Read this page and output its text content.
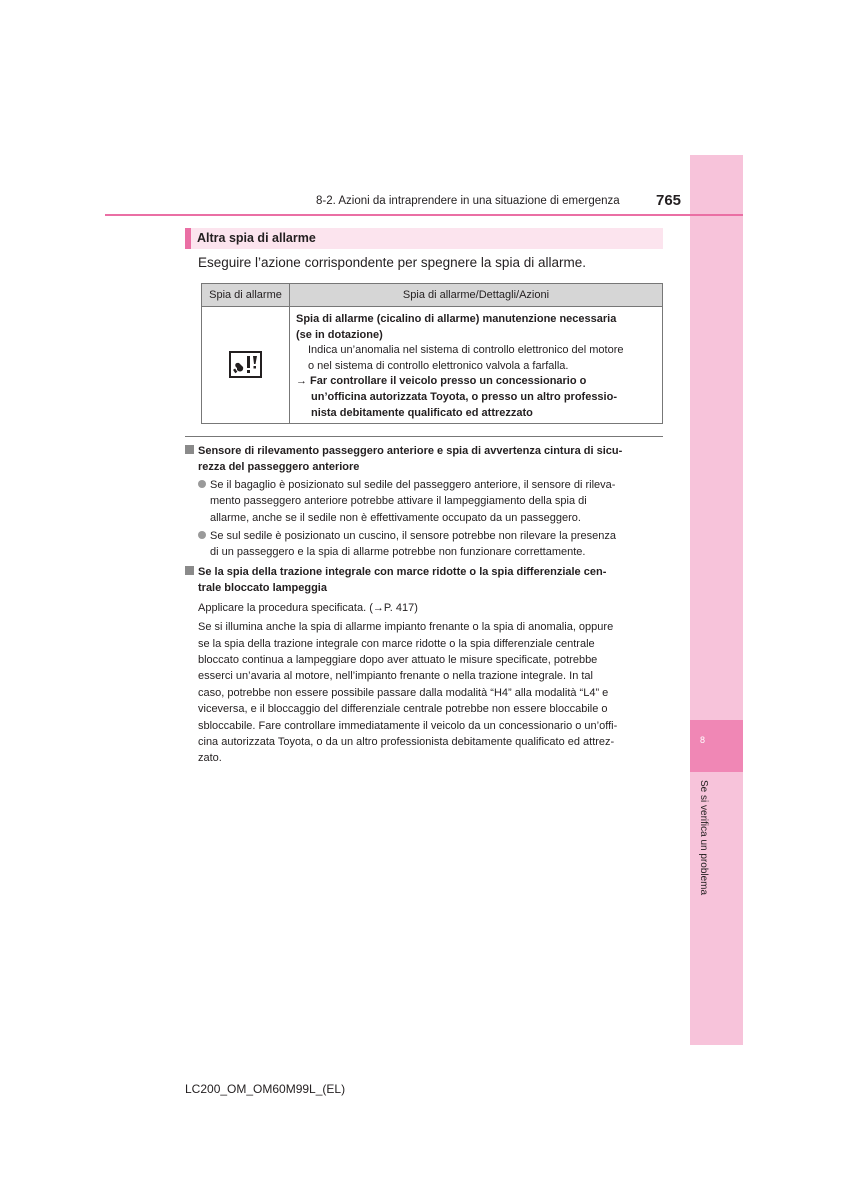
8
Se si verifica un problema
8-2. Azioni da intraprendere in una situazione di emergenza 765
Altra spia di allarme
Eseguire l’azione corrispondente per spegnere la spia di allarme.
Spia di allarme	Spia di allarme/Dettagli/Azioni
Spia di allarme (cicalino di allarme) manutenzione necessaria
(se in dotazione)
Indica un’anomalia nel sistema di controllo elettronico del motore
o nel sistema di controllo elettronico valvola a farfalla.
→ Far controllare il veicolo presso un concessionario o
un’officina autorizzata Toyota, o presso un altro professio-
nista debitamente qualificato ed attrezzato
Sensore di rilevamento passeggero anteriore e spia di avvertenza cintura di sicu-
rezza del passeggero anteriore
Se il bagaglio è posizionato sul sedile del passeggero anteriore, il sensore di rileva-
mento passeggero anteriore potrebbe attivare il lampeggiamento della spia di
allarme, anche se il sedile non è effettivamente occupato da un passeggero.
Se sul sedile è posizionato un cuscino, il sensore potrebbe non rilevare la presenza
di un passeggero e la spia di allarme potrebbe non funzionare correttamente.
Se la spia della trazione integrale con marce ridotte o la spia differenziale cen-
trale bloccato lampeggia
Applicare la procedura specificata. (→P. 417)
Se si illumina anche la spia di allarme impianto frenante o la spia di anomalia, oppure
se la spia della trazione integrale con marce ridotte o la spia differenziale centrale
bloccato continua a lampeggiare dopo aver attuato le misure specificate, potrebbe
esserci un’avaria al motore, nell’impianto frenante o nella trazione integrale. In tal
caso, potrebbe non essere possibile passare dalla modalità “H4” alla modalità “L4” e
viceversa, e il bloccaggio del differenziale centrale potrebbe non essere bloccabile o
sbloccabile. Fare controllare immediatamente il veicolo da un concessionario o un’offi-
cina autorizzata Toyota, o da un altro professionista debitamente qualificato ed attrez-
zato.
LC200_OM_OM60M99L_(EL)
